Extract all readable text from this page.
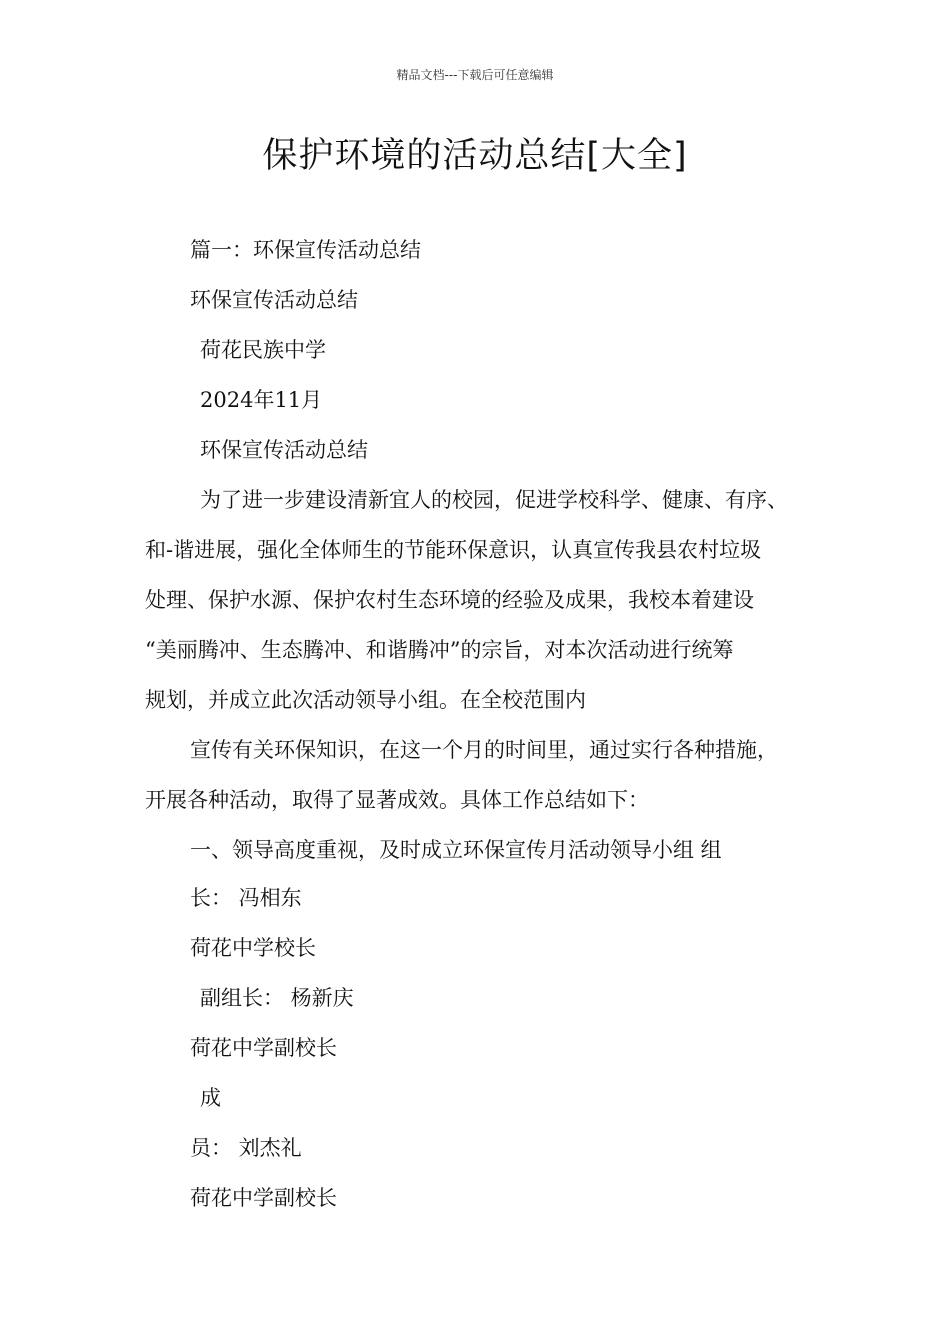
精品文档---下载后可任意编辑
保护环境的活动总结[大全]
篇一：环保宣传活动总结
环保宣传活动总结
荷花民族中学
2024年11月
环保宣传活动总结
为了进一步建设清新宜人的校园，促进学校科学、健康、有序、
和-谐进展，强化全体师生的节能环保意识，认真宣传我县农村垃圾
处理、保护水源、保护农村生态环境的经验及成果，我校本着建设
“美丽腾冲、生态腾冲、和谐腾冲”的宗旨，对本次活动进行统筹
规划，并成立此次活动领导小组。在全校范围内
宣传有关环保知识，在这一个月的时间里，通过实行各种措施，
开展各种活动，取得了显著成效。具体工作总结如下：
一、领导高度重视，及时成立环保宣传月活动领导小组 组
长： 冯相东
荷花中学校长
副组长： 杨新庆
荷花中学副校长
成
员： 刘杰礼
荷花中学副校长
